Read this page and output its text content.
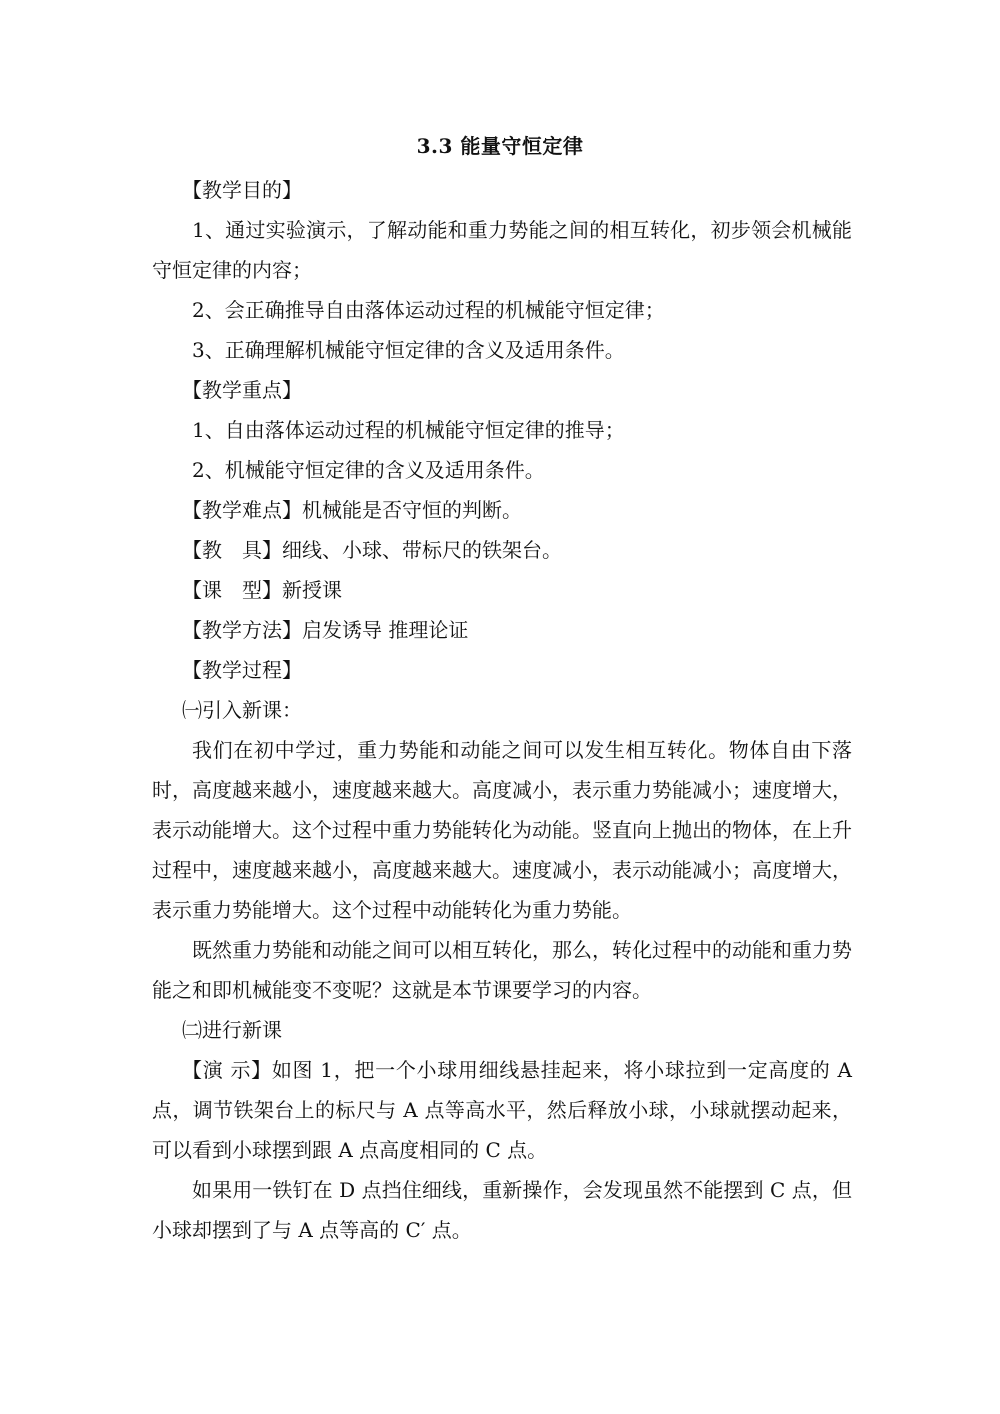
3.3 能量守恒定律

【教学目的】

1、通过实验演示，了解动能和重力势能之间的相互转化，初步领会机械能守恒定律的内容；

2、会正确推导自由落体运动过程的机械能守恒定律；

3、正确理解机械能守恒定律的含义及适用条件。

【教学重点】

1、自由落体运动过程的机械能守恒定律的推导；

2、机械能守恒定律的含义及适用条件。

【教学难点】机械能是否守恒的判断。

【教　具】细线、小球、带标尺的铁架台。

【课　型】新授课

【教学方法】启发诱导 推理论证

【教学过程】

㈠引入新课：

我们在初中学过，重力势能和动能之间可以发生相互转化。物体自由下落时，高度越来越小，速度越来越大。高度减小，表示重力势能减小；速度增大，表示动能增大。这个过程中重力势能转化为动能。竖直向上抛出的物体，在上升过程中，速度越来越小，高度越来越大。速度减小，表示动能减小；高度增大，表示重力势能增大。这个过程中动能转化为重力势能。

既然重力势能和动能之间可以相互转化，那么，转化过程中的动能和重力势能之和即机械能变不变呢？这就是本节课要学习的内容。

㈡进行新课

【演 示】如图 1，把一个小球用细线悬挂起来，将小球拉到一定高度的 A 点，调节铁架台上的标尺与 A 点等高水平，然后释放小球，小球就摆动起来，可以看到小球摆到跟 A 点高度相同的 C 点。

如果用一铁钉在 D 点挡住细线，重新操作，会发现虽然不能摆到 C 点，但小球却摆到了与 A 点等高的 C′ 点。
